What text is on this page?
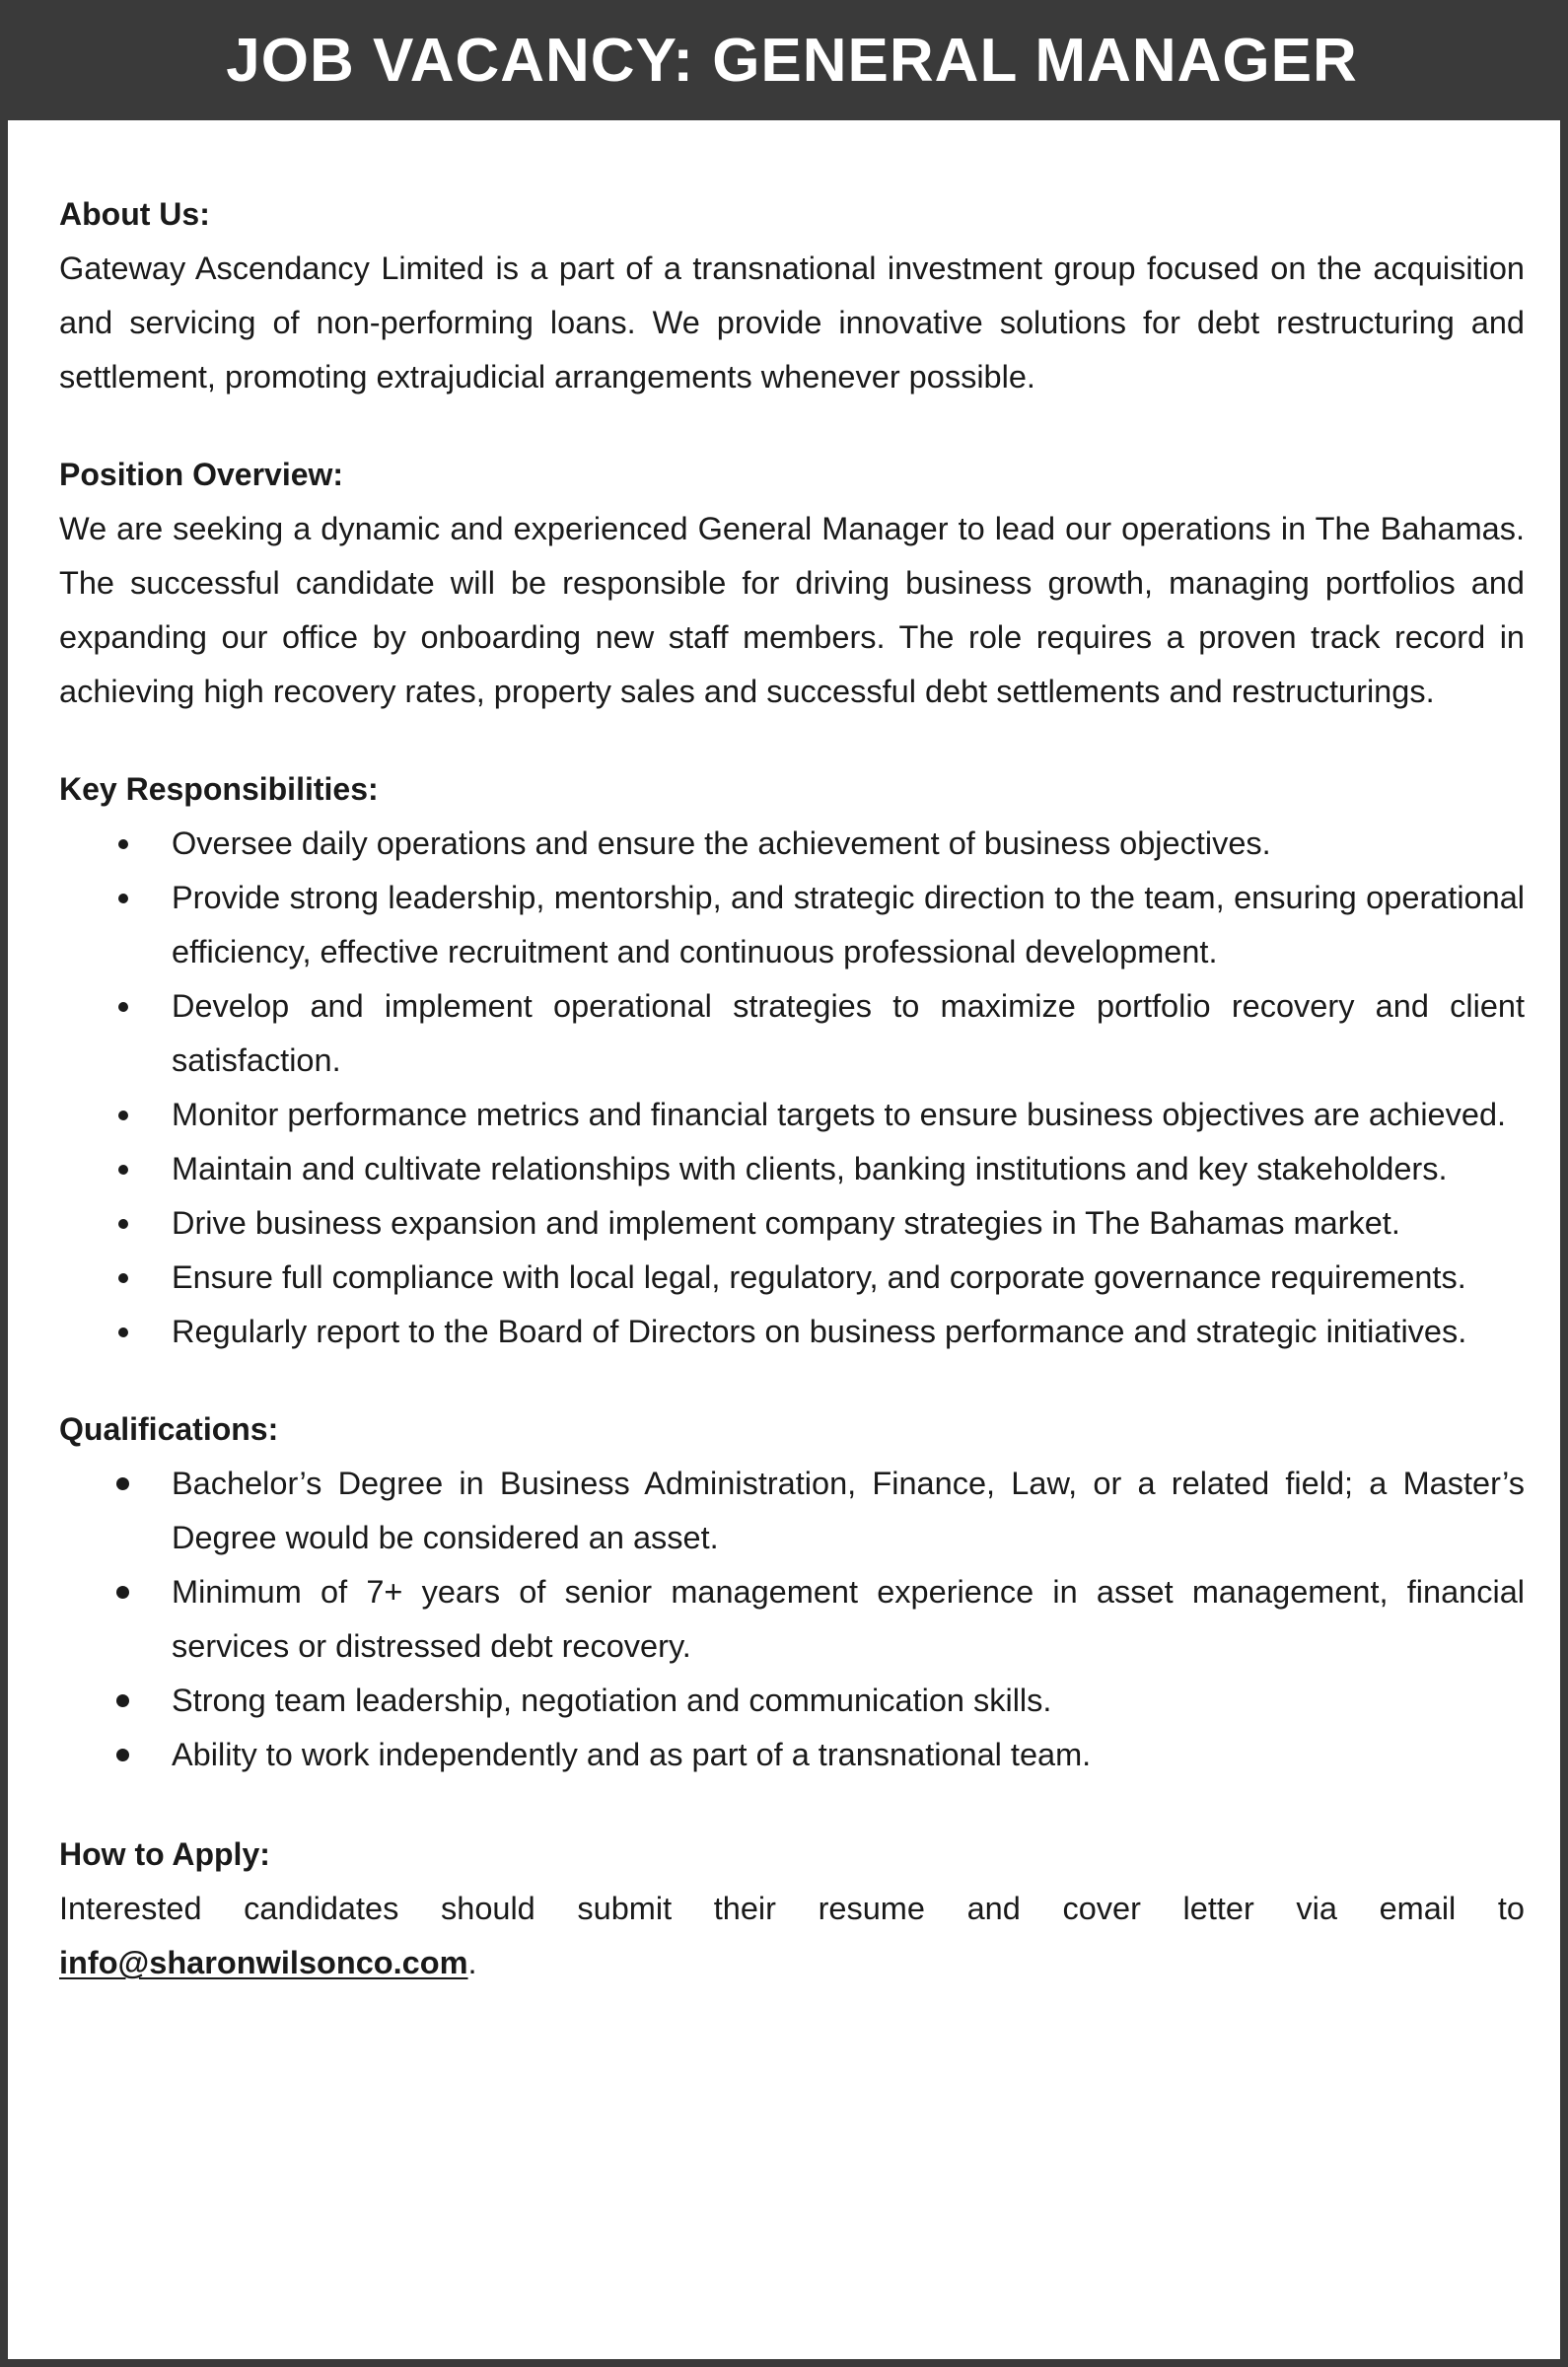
JOB VACANCY: GENERAL MANAGER

About Us:

Gateway Ascendancy Limited is a part of a transnational investment group focused on the acquisition and servicing of non-performing loans. We provide innovative solutions for debt restructuring and settlement, promoting extrajudicial arrangements whenever possible.

Position Overview:

We are seeking a dynamic and experienced General Manager to lead our operations in The Bahamas. The successful candidate will be responsible for driving business growth, managing portfolios and expanding our office by onboarding new staff members. The role requires a proven track record in achieving high recovery rates, property sales and successful debt settlements and restructurings.

Key Responsibilities:

Oversee daily operations and ensure the achievement of business objectives.
Provide strong leadership, mentorship, and strategic direction to the team, ensuring operational efficiency, effective recruitment and continuous professional development.
Develop and implement operational strategies to maximize portfolio recovery and client satisfaction.
Monitor performance metrics and financial targets to ensure business objectives are achieved.
Maintain and cultivate relationships with clients, banking institutions and key stakeholders.
Drive business expansion and implement company strategies in The Bahamas market.
Ensure full compliance with local legal, regulatory, and corporate governance requirements.
Regularly report to the Board of Directors on business performance and strategic initiatives.

Qualifications:

Bachelor’s Degree in Business Administration, Finance, Law, or a related field; a Master’s Degree would be considered an asset.
Minimum of 7+ years of senior management experience in asset management, financial services or distressed debt recovery.
Strong team leadership, negotiation and communication skills.
Ability to work independently and as part of a transnational team.

How to Apply:

Interested candidates should submit their resume and cover letter via email to info@sharonwilsonco.com.
